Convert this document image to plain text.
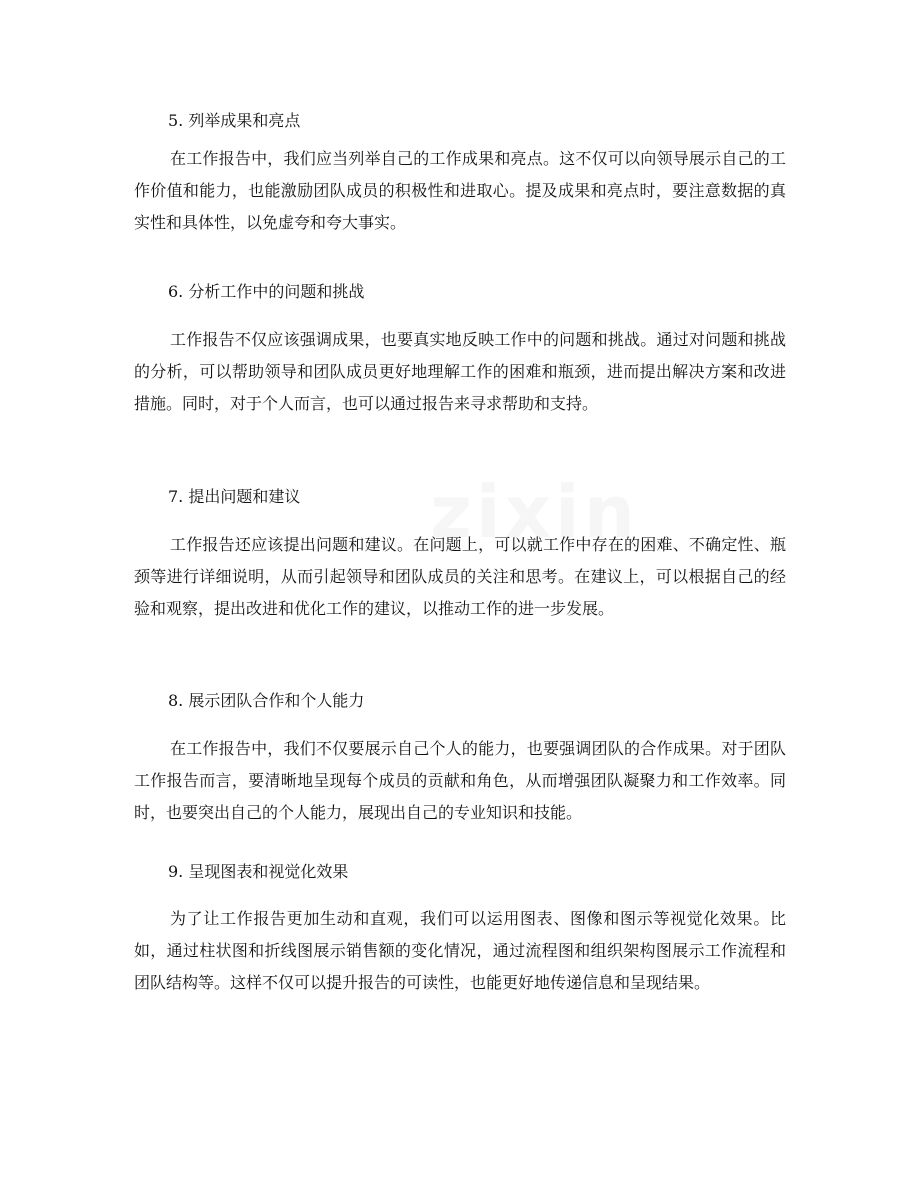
5. 列举成果和亮点

在工作报告中，我们应当列举自己的工作成果和亮点。这不仅可以向领导展示自己的工作价值和能力，也能激励团队成员的积极性和进取心。提及成果和亮点时，要注意数据的真实性和具体性，以免虚夸和夸大事实。

6. 分析工作中的问题和挑战

工作报告不仅应该强调成果，也要真实地反映工作中的问题和挑战。通过对问题和挑战的分析，可以帮助领导和团队成员更好地理解工作的困难和瓶颈，进而提出解决方案和改进措施。同时，对于个人而言，也可以通过报告来寻求帮助和支持。

7. 提出问题和建议

工作报告还应该提出问题和建议。在问题上，可以就工作中存在的困难、不确定性、瓶颈等进行详细说明，从而引起领导和团队成员的关注和思考。在建议上，可以根据自己的经验和观察，提出改进和优化工作的建议，以推动工作的进一步发展。

8. 展示团队合作和个人能力

在工作报告中，我们不仅要展示自己个人的能力，也要强调团队的合作成果。对于团队工作报告而言，要清晰地呈现每个成员的贡献和角色，从而增强团队凝聚力和工作效率。同时，也要突出自己的个人能力，展现出自己的专业知识和技能。

9. 呈现图表和视觉化效果

为了让工作报告更加生动和直观，我们可以运用图表、图像和图示等视觉化效果。比如，通过柱状图和折线图展示销售额的变化情况，通过流程图和组织架构图展示工作流程和团队结构等。这样不仅可以提升报告的可读性，也能更好地传递信息和呈现结果。
